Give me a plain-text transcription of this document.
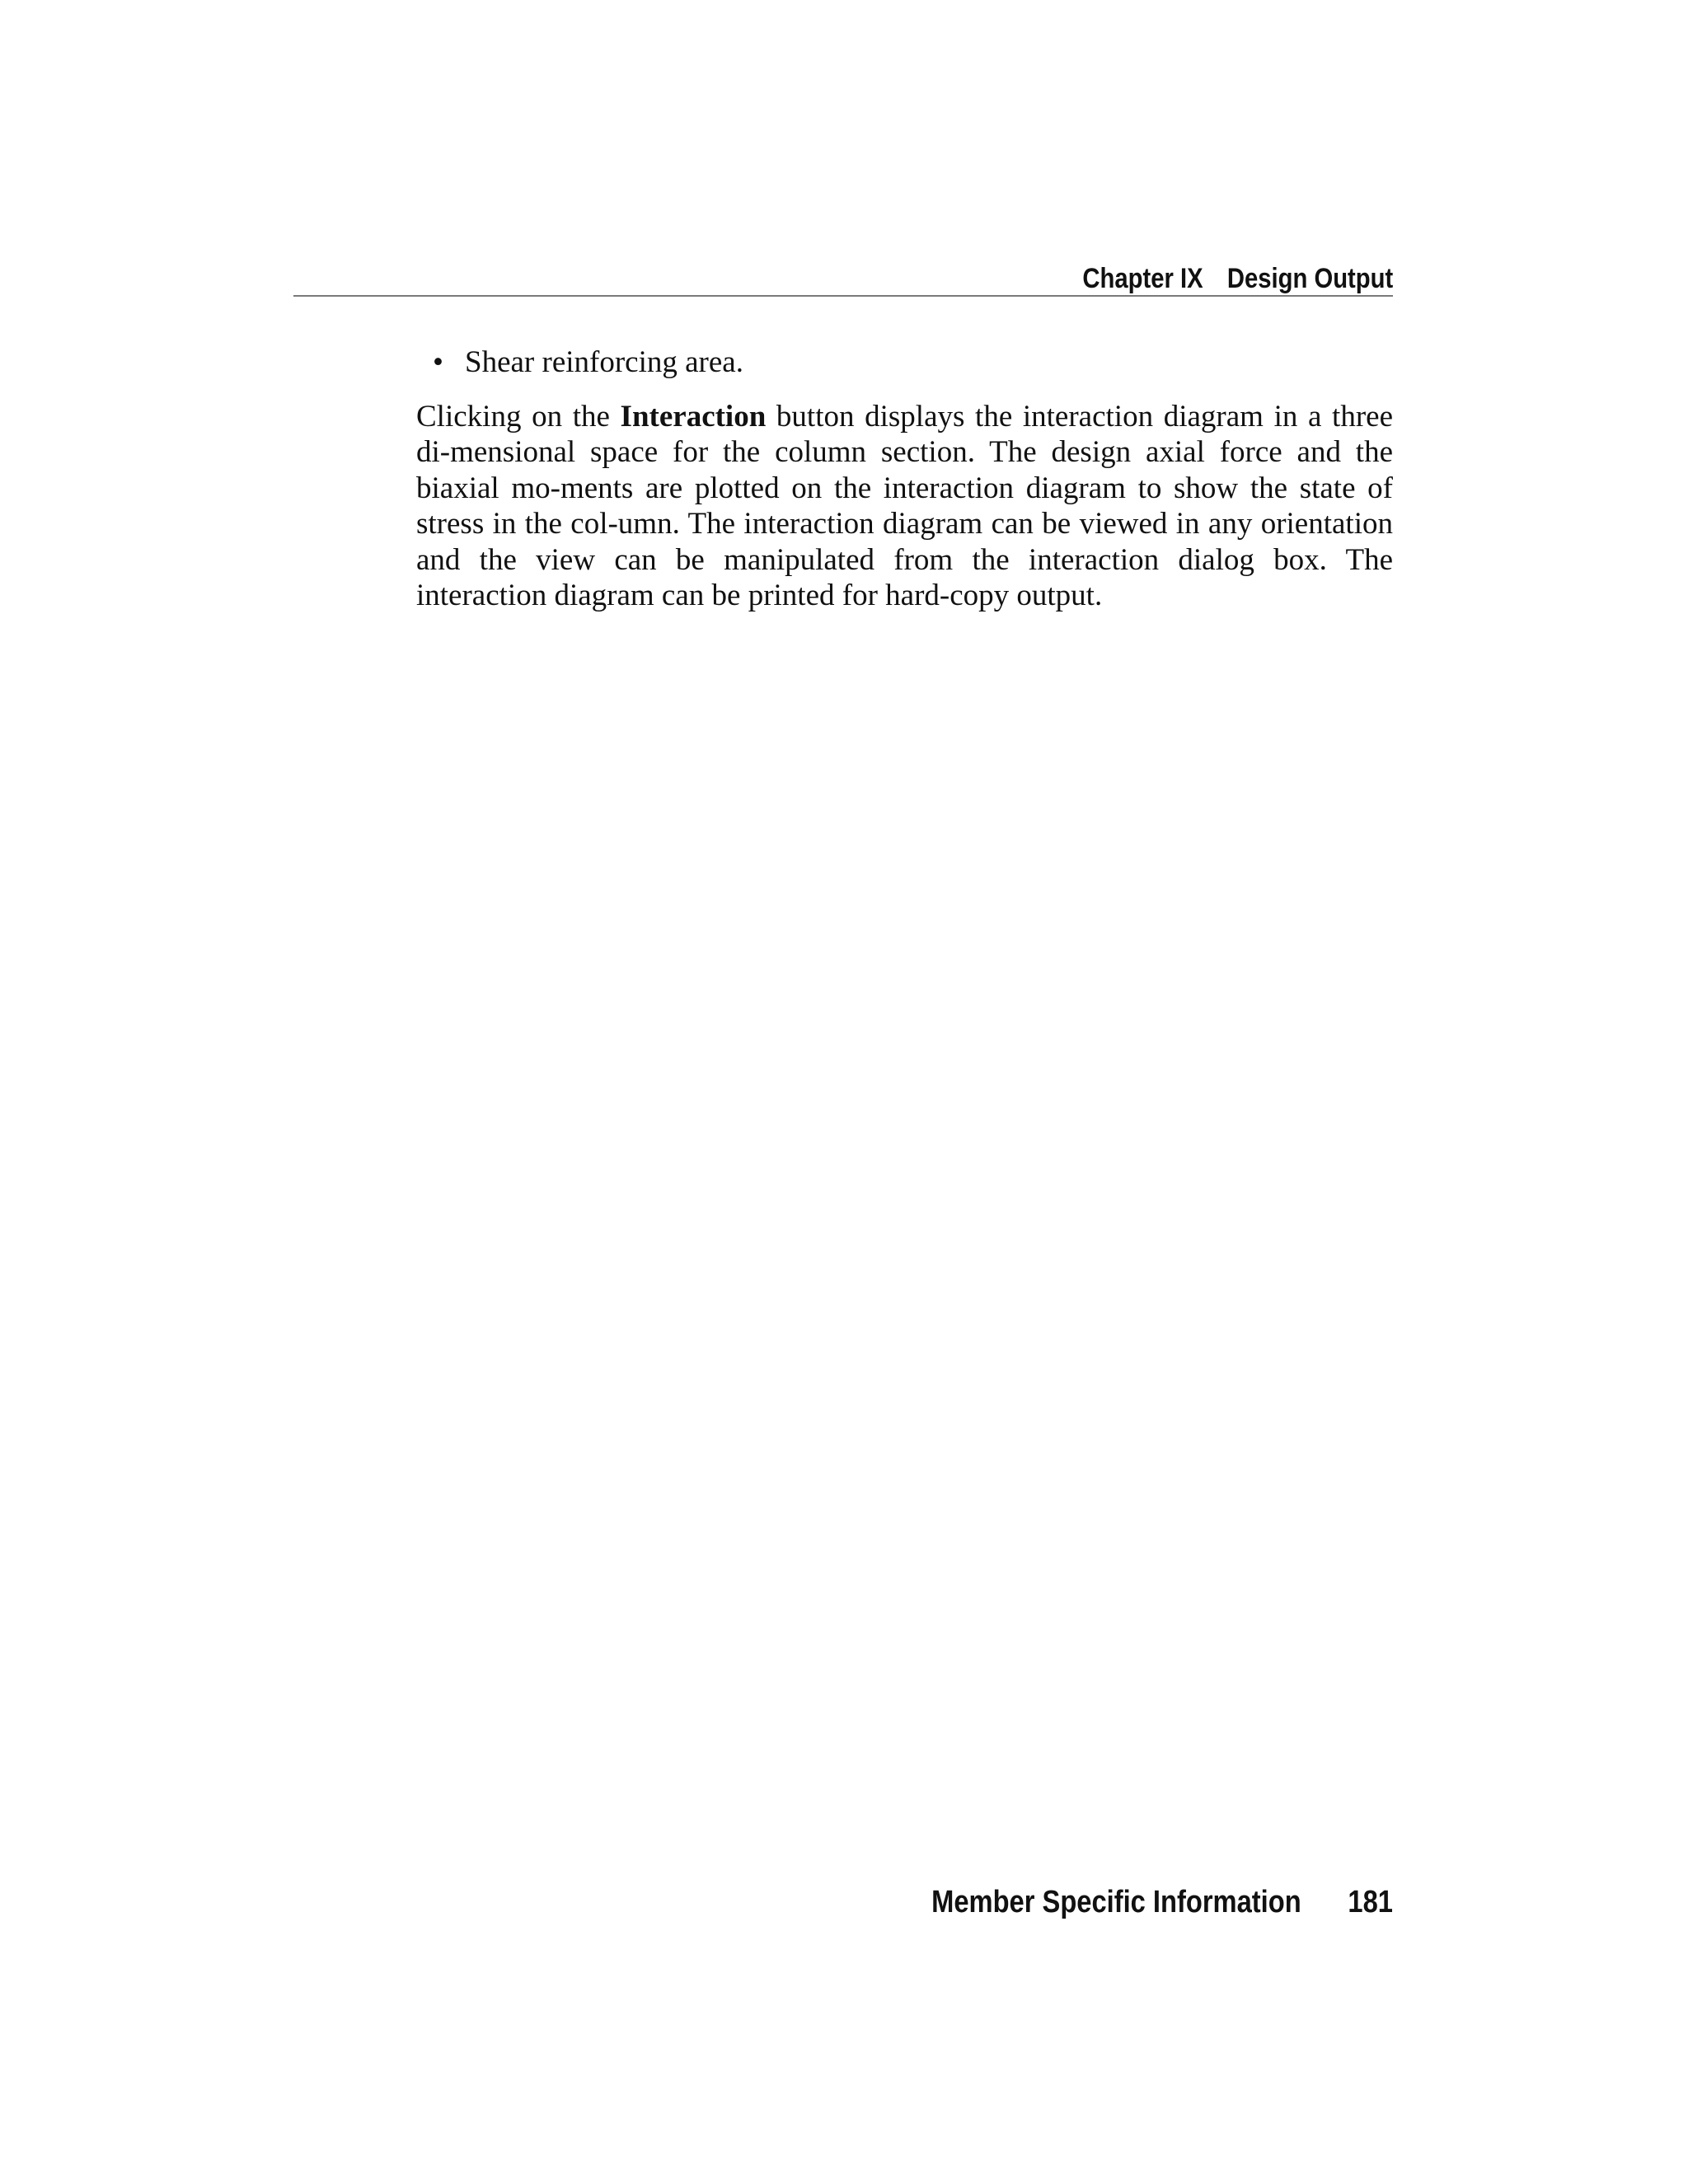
Chapter IX Design Output
• Shear reinforcing area.

Clicking on the Interaction button displays the interaction diagram in a three di-mensional space for the column section. The design axial force and the biaxial mo-ments are plotted on the interaction diagram to show the state of stress in the col-umn. The interaction diagram can be viewed in any orientation and the view can be manipulated from the interaction dialog box. The interaction diagram can be printed for hard-copy output.

Member Specific Information 181
